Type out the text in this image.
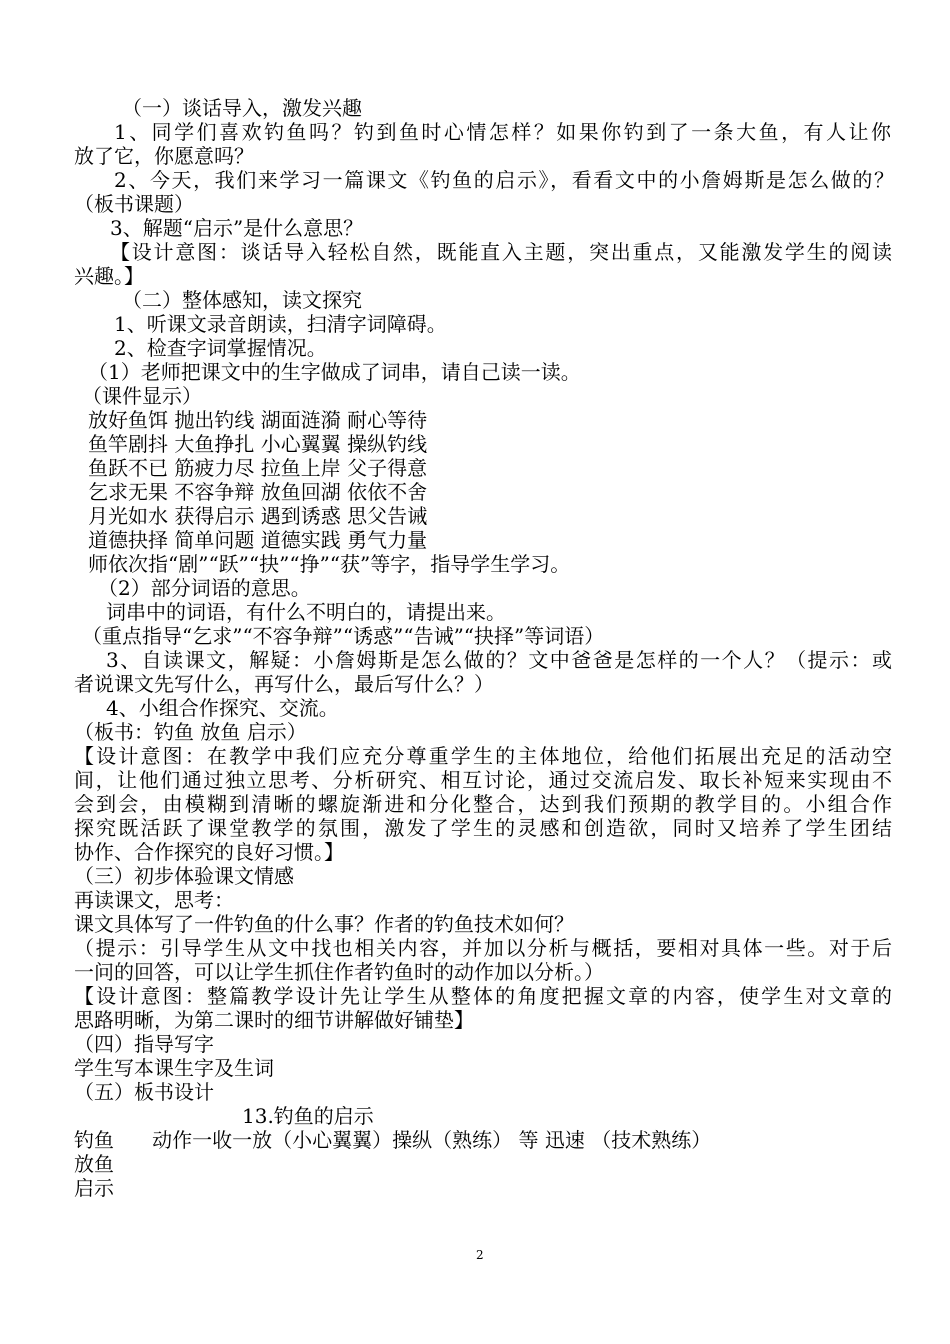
（一）谈话导入，激发兴趣
1、同学们喜欢钓鱼吗？钓到鱼时心情怎样？如果你钓到了一条大鱼，有人让你
放了它，你愿意吗？
2、今天，我们来学习一篇课文《钓鱼的启示》，看看文中的小詹姆斯是怎么做的？
（板书课题）
3、解题“启示”是什么意思？
【设计意图：谈话导入轻松自然，既能直入主题，突出重点，又能激发学生的阅读
兴趣。】
（二）整体感知，读文探究
1、听课文录音朗读，扫清字词障碍。
2、检查字词掌握情况。
（1）老师把课文中的生字做成了词串，请自己读一读。
（课件显示）
放好鱼饵 抛出钓线 湖面涟漪 耐心等待
鱼竿剧抖 大鱼挣扎 小心翼翼 操纵钓线
鱼跃不已 筋疲力尽 拉鱼上岸 父子得意
乞求无果 不容争辩 放鱼回湖 依依不舍
月光如水 获得启示 遇到诱惑 思父告诫
道德抉择 简单问题 道德实践 勇气力量
师依次指“剧”“跃”“抉”“挣”“获”等字，指导学生学习。
（2）部分词语的意思。
词串中的词语，有什么不明白的，请提出来。
（重点指导“乞求”“不容争辩”“诱惑”“告诫”“抉择”等词语）
3、自读课文，解疑：小詹姆斯是怎么做的？文中爸爸是怎样的一个人？（提示：或
者说课文先写什么，再写什么，最后写什么？）
4、小组合作探究、交流。
（板书：钓鱼 放鱼 启示）
【设计意图：在教学中我们应充分尊重学生的主体地位，给他们拓展出充足的活动空
间，让他们通过独立思考、分析研究、相互讨论，通过交流启发、取长补短来实现由不
会到会，由模糊到清晰的螺旋渐进和分化整合，达到我们预期的教学目的。小组合作
探究既活跃了课堂教学的氛围，激发了学生的灵感和创造欲，同时又培养了学生团结
协作、合作探究的良好习惯。】
（三）初步体验课文情感
再读课文，思考：
课文具体写了一件钓鱼的什么事？作者的钓鱼技术如何？
（提示：引导学生从文中找也相关内容，并加以分析与概括，要相对具体一些。对于后
一问的回答，可以让学生抓住作者钓鱼时的动作加以分析。）
【设计意图：整篇教学设计先让学生从整体的角度把握文章的内容，使学生对文章的
思路明晰，为第二课时的细节讲解做好铺垫】
（四）指导写字
学生写本课生字及生词
（五）板书设计
13.钓鱼的启示
钓鱼      动作一收一放（小心翼翼）操纵（熟练） 等 迅速 （技术熟练）
放鱼
启示
2
